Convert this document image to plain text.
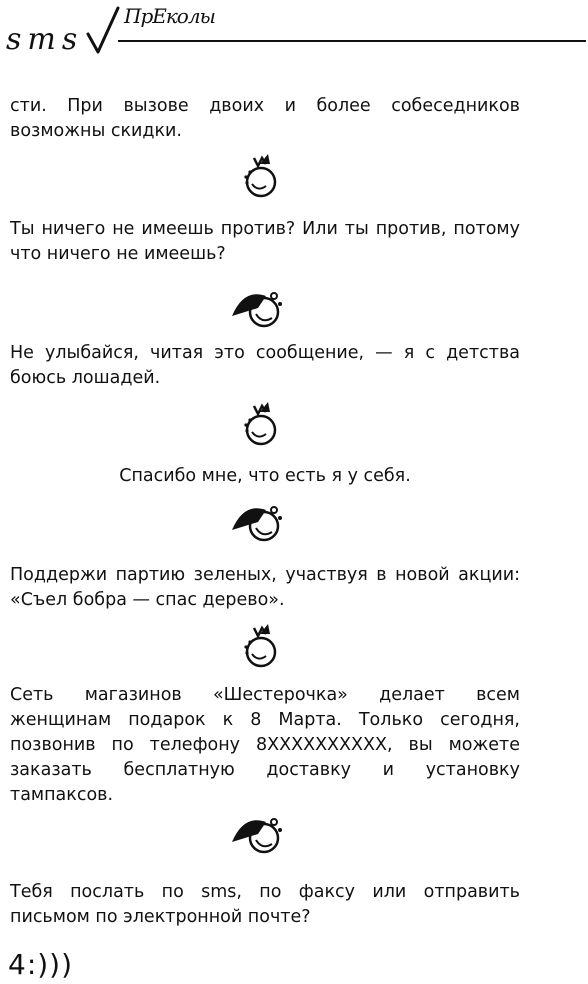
sms
ПрЕколы

сти. При вызове двоих и более собеседников возможны скидки.

Ты ничего не имеешь против? Или ты против, потому что ничего не имеешь?

Не улыбайся, читая это сообщение, — я с детства боюсь лошадей.

Спасибо мне, что есть я у себя.

Поддержи партию зеленых, участвуя в новой акции: «Съел бобра — спас дерево».

Сеть магазинов «Шестерочка» делает всем женщинам подарок к 8 Марта. Только сегодня, позвонив по телефону 8XXXXXXXXXX, вы можете заказать бесплатную доставку и установку тампаксов.

Тебя послать по sms, по факсу или отправить письмом по электронной почте?

4:)))
